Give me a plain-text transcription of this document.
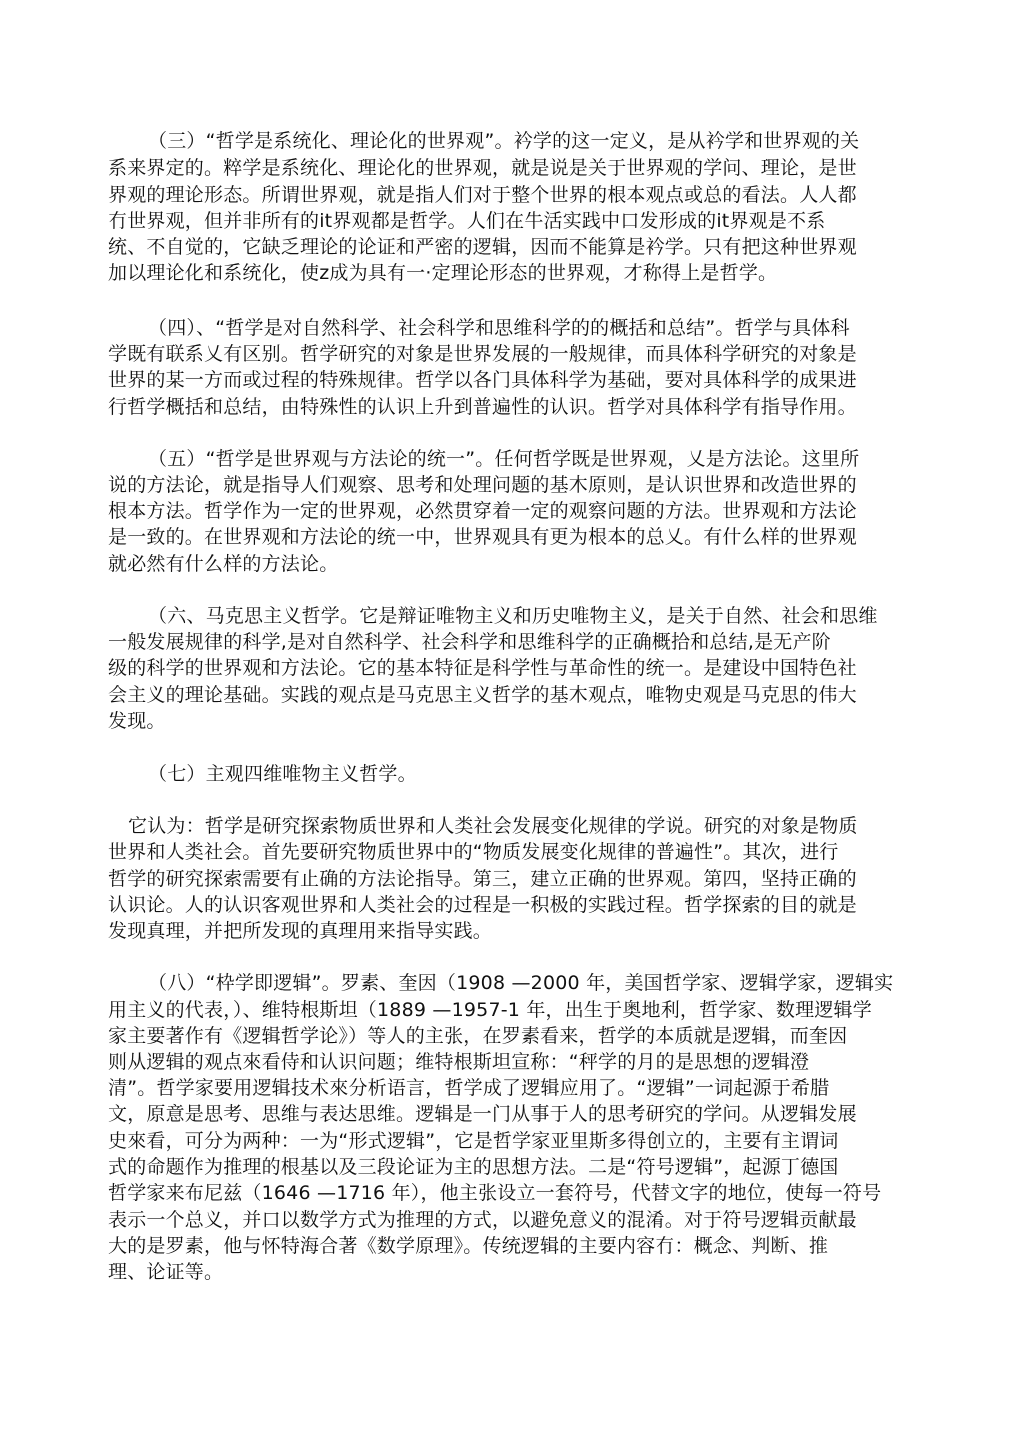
（三）“哲学是系统化、理论化的世界观”。衿学的这一定义，是从衿学和世界观的关
系来界定的。粹学是系统化、理论化的世界观，就是说是关于世界观的学问、理论，是世
界观的理论形态。所谓世界观，就是指人们对于整个世界的根本观点或总的看法。人人都
冇世界观，但并非所有的it界观都是哲学。人们在牛活实践中口发形成的it界观是不系
统、不自觉的，它缺乏理论的论证和严密的逻辑，因而不能算是衿学。只有把这种世界观
加以理论化和系统化，使z成为具有一·定理论形态的世界观，才称得上是哲学。
（四）、“哲学是对自然科学、社会科学和思维科学的的概括和总结”。哲学与具体科
学既有联系乂有区别。哲学研究的对象是世界发展的一般规律，而具体科学研究的对象是
世界的某一方而或过程的特殊规律。哲学以各门具体科学为基础，要对具体科学的成果进
行哲学概括和总结，由特殊性的认识上升到普遍性的认识。哲学对具体科学有指导作用。
（五）“哲学是世界观与方法论的统一”。任何哲学既是世界观，乂是方法论。这里所
说的方法论，就是指导人们观察、思考和处理问题的基木原则，是认识世界和改造世界的
根本方法。哲学作为一定的世界观，必然贯穿着一定的观察问题的方法。世界观和方法论
是一致的。在世界观和方法论的统一中，世界观具有更为根本的总乂。有什么样的世界观
就必然有什么样的方法论。
（六、马克思主义哲学。它是辩证唯物主义和历史唯物主义，是关于自然、社会和思维
一般发展规律的科学,是对自然科学、社会科学和思维科学的正确概拾和总结,是无产阶
级的科学的世界观和方法论。它的基本特征是科学性与革命性的统一。是建设中国特色社
会主义的理论基础。实践的观点是马克思主义哲学的基木观点，唯物史观是马克思的伟大
发现。
（七）主观四维唯物主义哲学。
它认为：哲学是研究探索物质世界和人类社会发展变化规律的学说。研究的对象是物质
世界和人类社会。首先要研究物质世界中的“物质发展变化规律的普遍性”。其次，进行
哲学的研究探索需要有止确的方法论指导。第三，建立正确的世界观。第四，坚持正确的
认识论。人的认识客观世界和人类社会的过程是一积极的实践过程。哲学探索的目的就是
发现真理，并把所发现的真理用来指导实践。
（八）“枠学即逻辑”。罗素、奎因（1908 —2000 年，美国哲学家、逻辑学家，逻辑实
用主义的代表，）、维特根斯坦（1889 —1957-1 年，出生于奥地利，哲学家、数理逻辑学
家主要著作有《逻辑哲学论》）等人的主张，在罗素看来，哲学的本质就是逻辑，而奎因
则从逻辑的观点來看侍和认识问题；维特根斯坦宣称：“秤学的月的是思想的逻辑澄
清”。哲学家要用逻辑技术來分析语言，哲学成了逻辑应用了。“逻辑”一词起源于希腊
文，原意是思考、思维与表达思维。逻辑是一门从事于人的思考研究的学问。从逻辑发展
史來看，可分为两种：一为“形式逻辑”，它是哲学家亚里斯多得创立的，主要有主谓词
式的命题作为推理的根基以及三段论证为主的思想方法。二是“符号逻辑”，起源丁德国
哲学家来布尼兹（1646 —1716 年），他主张设立一套符号，代替文字的地位，使每一符号
表示一个总义，并口以数学方式为推理的方式，以避免意义的混淆。对于符号逻辑贡献最
大的是罗素，他与怀特海合著《数学原理》。传统逻辑的主要内容冇：概念、判断、推
理、论证等。
